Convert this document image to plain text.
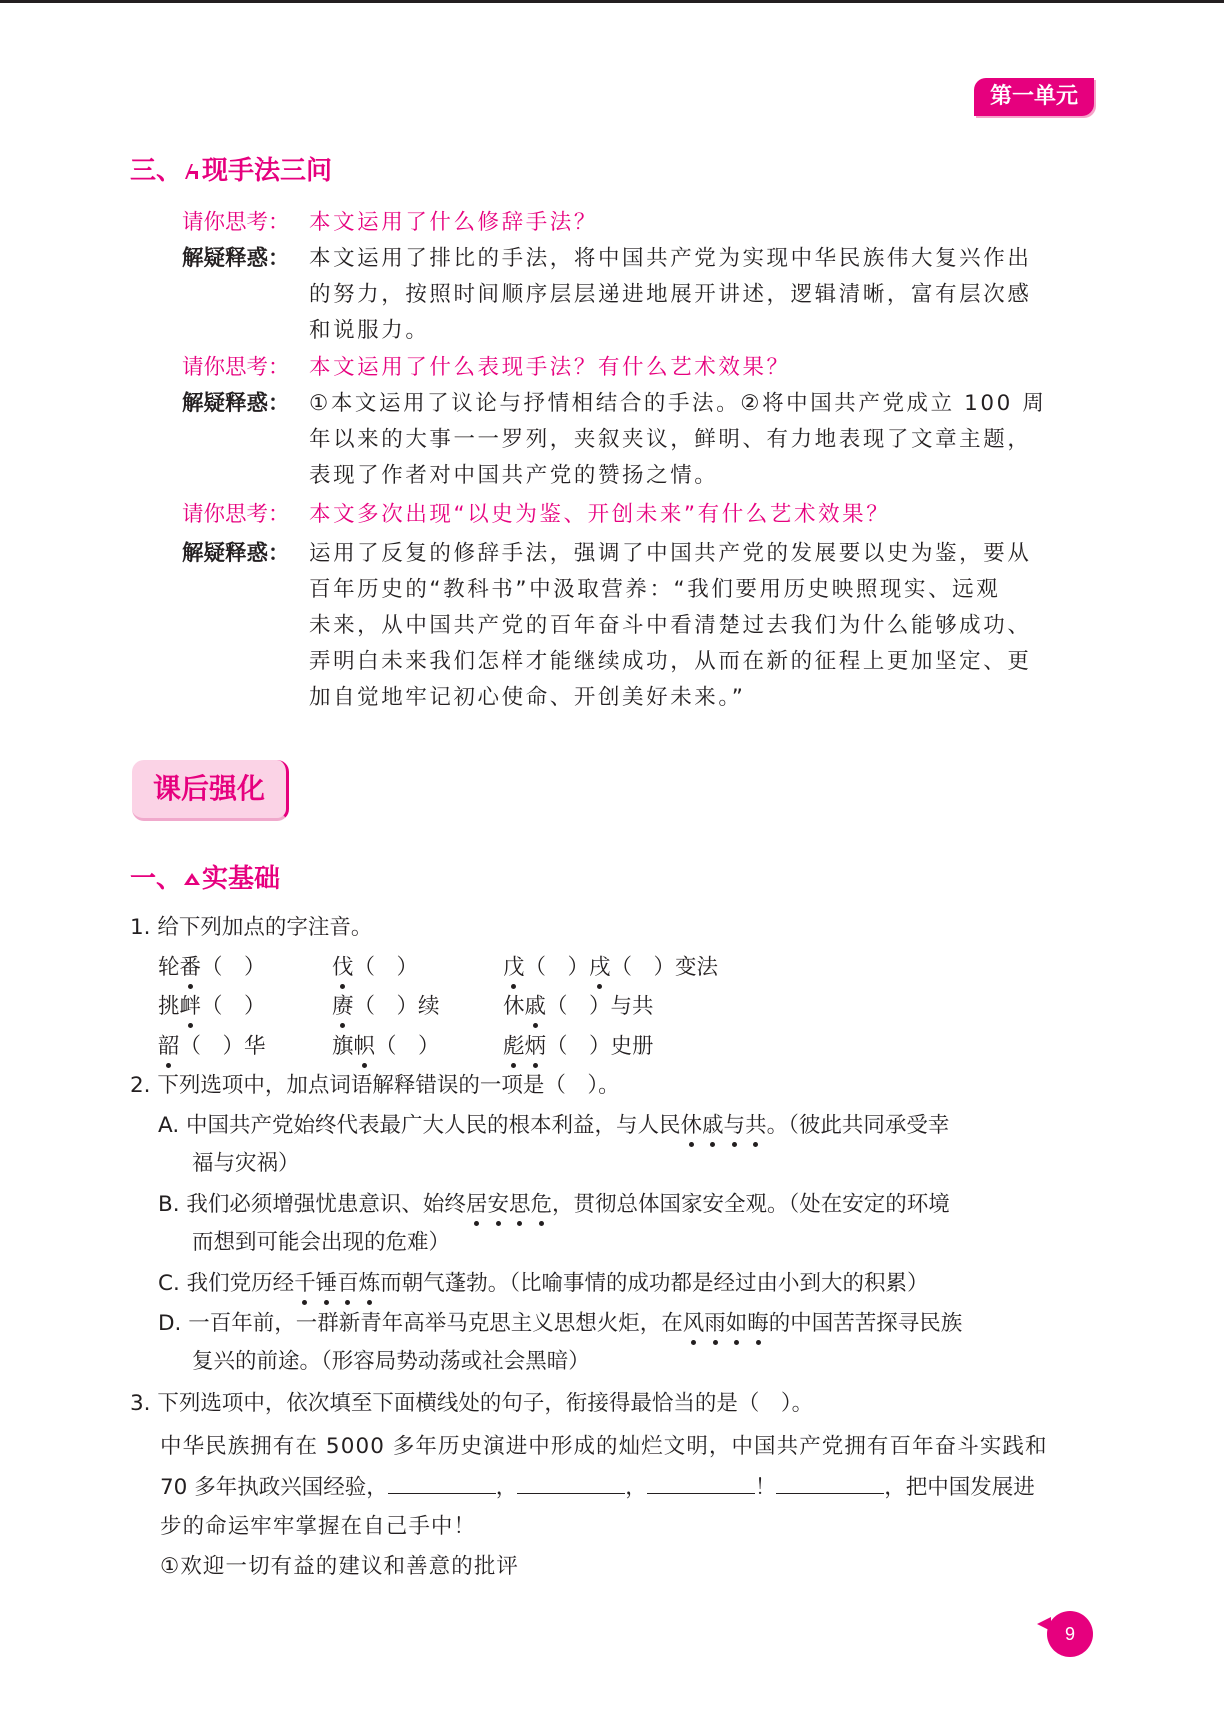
第一单元
三、 现手法三问
请你思考： 本文运用了什么修辞手法？
解疑释惑： 本文运用了排比的手法，将中国共产党为实现中华民族伟大复兴作出
的努力，按照时间顺序层层递进地展开讲述，逻辑清晰，富有层次感
和说服力。
请你思考： 本文运用了什么表现手法？有什么艺术效果？
解疑释惑： ①本文运用了议论与抒情相结合的手法。②将中国共产党成立 100 周
年以来的大事一一罗列，夹叙夹议，鲜明、有力地表现了文章主题，
表现了作者对中国共产党的赞扬之情。
请你思考： 本文多次出现“以史为鉴、开创未来”有什么艺术效果？
解疑释惑： 运用了反复的修辞手法，强调了中国共产党的发展要以史为鉴，要从
百年历史的“教科书”中汲取营养：“我们要用历史映照现实、远观
未来，从中国共产党的百年奋斗中看清楚过去我们为什么能够成功、
弄明白未来我们怎样才能继续成功，从而在新的征程上更加坚定、更
加自觉地牢记初心使命、开创美好未来。”
课后强化
一、 实基础
1. 给下列加点的字注音。
轮番（　）	伐（　）	戊（　）戌（　）变法
挑衅（　）	赓（　）续	休戚（　）与共
韶（　）华	旗帜（　）	彪炳（　）史册
2. 下列选项中，加点词语解释错误的一项是（　）。
A. 中国共产党始终代表最广大人民的根本利益，与人民休戚与共。（彼此共同承受幸
福与灾祸）
B. 我们必须增强忧患意识、始终居安思危，贯彻总体国家安全观。（处在安定的环境
而想到可能会出现的危难）
C. 我们党历经千锤百炼而朝气蓬勃。（比喻事情的成功都是经过由小到大的积累）
D. 一百年前，一群新青年高举马克思主义思想火炬，在风雨如晦的中国苦苦探寻民族
复兴的前途。（形容局势动荡或社会黑暗）
3. 下列选项中，依次填至下面横线处的句子，衔接得最恰当的是（　）。
中华民族拥有在 5000 多年历史演进中形成的灿烂文明，中国共产党拥有百年奋斗实践和
70 多年执政兴国经验，	，	，	！	，把中国发展进
步的命运牢牢掌握在自己手中！
①欢迎一切有益的建议和善意的批评
9
